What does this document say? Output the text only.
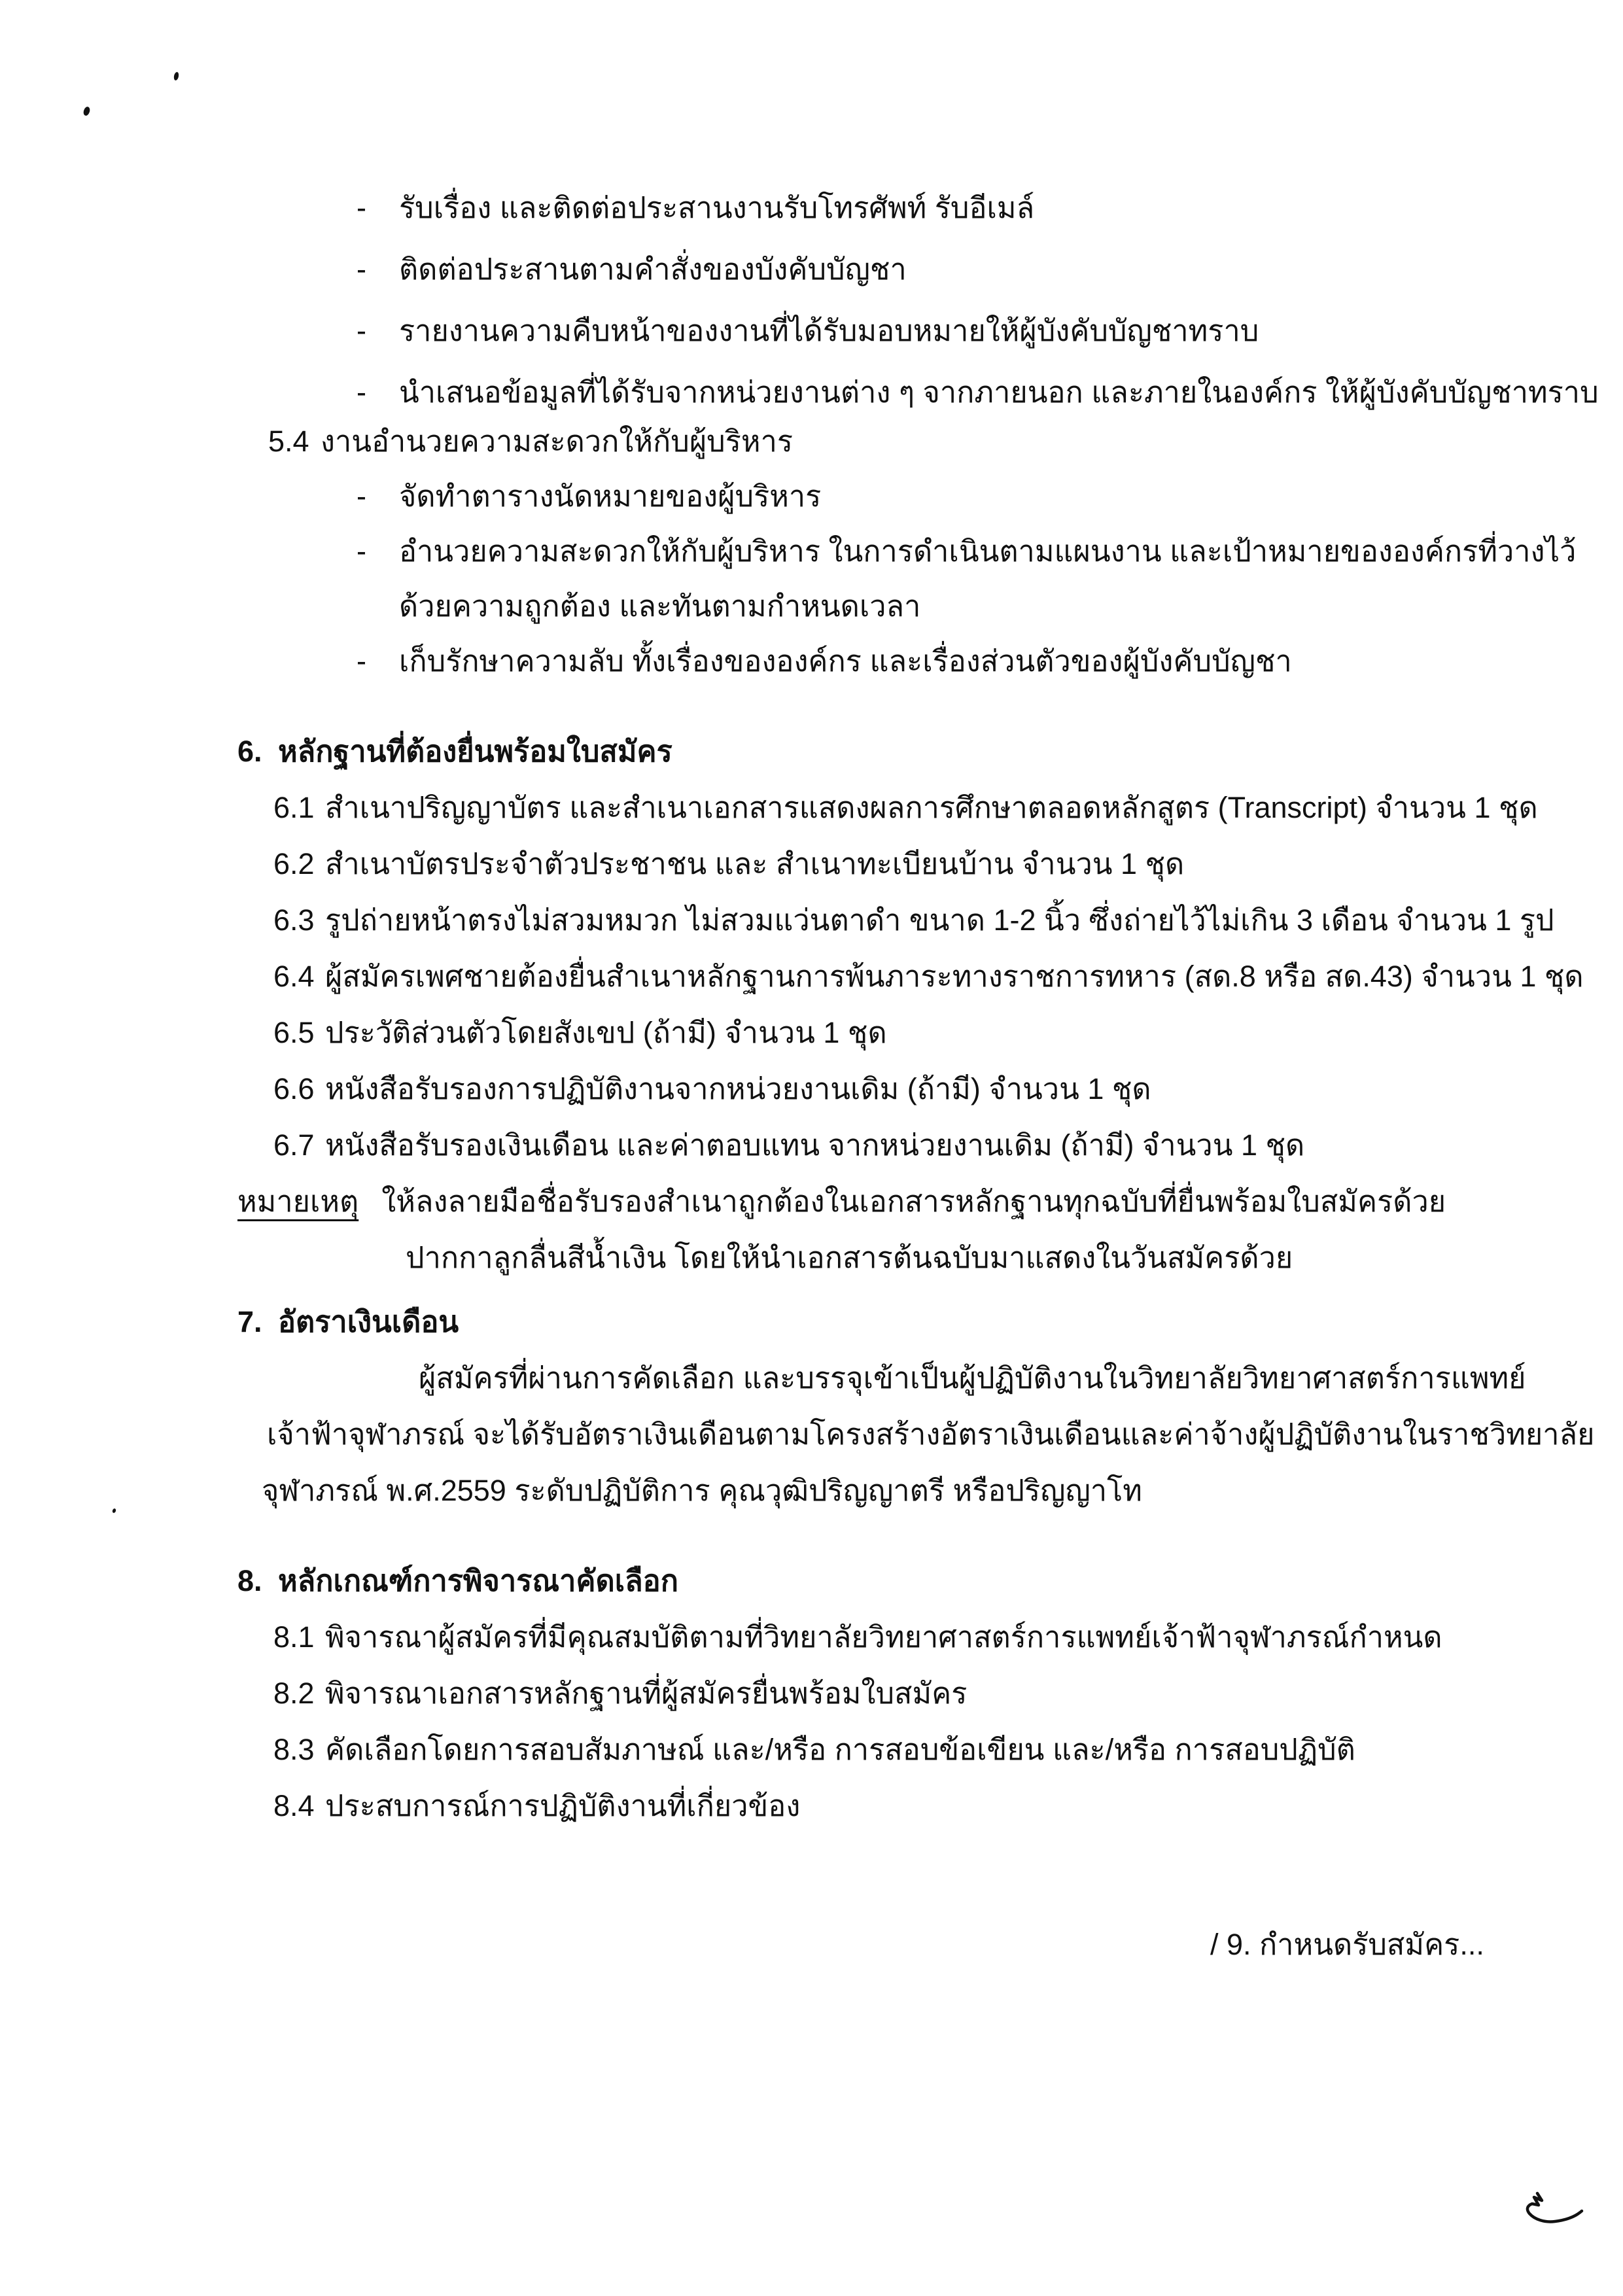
- รับเรื่อง และติดต่อประสานงานรับโทรศัพท์ รับอีเมล์
- ติดต่อประสานตามคำสั่งของบังคับบัญชา
- รายงานความคืบหน้าของงานที่ได้รับมอบหมายให้ผู้บังคับบัญชาทราบ
- นำเสนอข้อมูลที่ได้รับจากหน่วยงานต่าง ๆ จากภายนอก และภายในองค์กร ให้ผู้บังคับบัญชาทราบ
5.4 งานอำนวยความสะดวกให้กับผู้บริหาร
- จัดทำตารางนัดหมายของผู้บริหาร
- อำนวยความสะดวกให้กับผู้บริหาร ในการดำเนินตามแผนงาน และเป้าหมายขององค์กรที่วางไว้
ด้วยความถูกต้อง และทันตามกำหนดเวลา
- เก็บรักษาความลับ ทั้งเรื่องขององค์กร และเรื่องส่วนตัวของผู้บังคับบัญชา
6. หลักฐานที่ต้องยื่นพร้อมใบสมัคร
6.1 สำเนาปริญญาบัตร และสำเนาเอกสารแสดงผลการศึกษาตลอดหลักสูตร (Transcript) จำนวน 1 ชุด
6.2 สำเนาบัตรประจำตัวประชาชน และ สำเนาทะเบียนบ้าน จำนวน 1 ชุด
6.3 รูปถ่ายหน้าตรงไม่สวมหมวก ไม่สวมแว่นตาดำ ขนาด 1-2 นิ้ว ซึ่งถ่ายไว้ไม่เกิน 3 เดือน จำนวน 1 รูป
6.4 ผู้สมัครเพศชายต้องยื่นสำเนาหลักฐานการพ้นภาระทางราชการทหาร (สด.8 หรือ สด.43) จำนวน 1 ชุด
6.5 ประวัติส่วนตัวโดยสังเขป (ถ้ามี) จำนวน 1 ชุด
6.6 หนังสือรับรองการปฏิบัติงานจากหน่วยงานเดิม (ถ้ามี) จำนวน 1 ชุด
6.7 หนังสือรับรองเงินเดือน และค่าตอบแทน จากหน่วยงานเดิม (ถ้ามี) จำนวน 1 ชุด
หมายเหตุ ให้ลงลายมือชื่อรับรองสำเนาถูกต้องในเอกสารหลักฐานทุกฉบับที่ยื่นพร้อมใบสมัครด้วย
ปากกาลูกลื่นสีน้ำเงิน โดยให้นำเอกสารต้นฉบับมาแสดงในวันสมัครด้วย
7. อัตราเงินเดือน
ผู้สมัครที่ผ่านการคัดเลือก และบรรจุเข้าเป็นผู้ปฏิบัติงานในวิทยาลัยวิทยาศาสตร์การแพทย์
เจ้าฟ้าจุฬาภรณ์ จะได้รับอัตราเงินเดือนตามโครงสร้างอัตราเงินเดือนและค่าจ้างผู้ปฏิบัติงานในราชวิทยาลัย
จุฬาภรณ์ พ.ศ.2559 ระดับปฏิบัติการ คุณวุฒิปริญญาตรี หรือปริญญาโท
8. หลักเกณฑ์การพิจารณาคัดเลือก
8.1 พิจารณาผู้สมัครที่มีคุณสมบัติตามที่วิทยาลัยวิทยาศาสตร์การแพทย์เจ้าฟ้าจุฬาภรณ์กำหนด
8.2 พิจารณาเอกสารหลักฐานที่ผู้สมัครยื่นพร้อมใบสมัคร
8.3 คัดเลือกโดยการสอบสัมภาษณ์ และ/หรือ การสอบข้อเขียน และ/หรือ การสอบปฏิบัติ
8.4 ประสบการณ์การปฏิบัติงานที่เกี่ยวข้อง
/ 9. กำหนดรับสมัคร...
